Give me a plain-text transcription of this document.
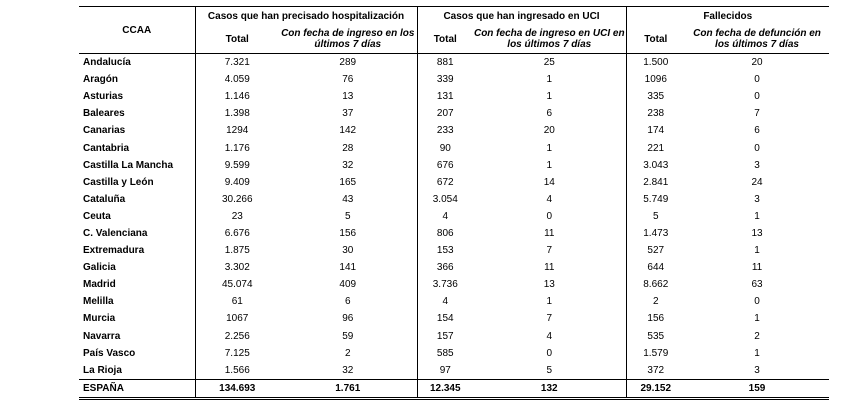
CCAA	Casos que han precisado hospitalización		Casos que han ingresado en UCI		Fallecidos	
	Total	Con fecha de ingreso en los últimos 7 días	Total	Con fecha de ingreso en UCI en los últimos 7 días	Total	Con fecha de defunción en los últimos 7 días
Andalucía	7.321	289	881	25	1.500	20
Aragón	4.059	76	339	1	1096	0
Asturias	1.146	13	131	1	335	0
Baleares	1.398	37	207	6	238	7
Canarias	1294	142	233	20	174	6
Cantabria	1.176	28	90	1	221	0
Castilla La Mancha	9.599	32	676	1	3.043	3
Castilla y León	9.409	165	672	14	2.841	24
Cataluña	30.266	43	3.054	4	5.749	3
Ceuta	23	5	4	0	5	1
C. Valenciana	6.676	156	806	11	1.473	13
Extremadura	1.875	30	153	7	527	1
Galicia	3.302	141	366	11	644	11
Madrid	45.074	409	3.736	13	8.662	63
Melilla	61	6	4	1	2	0
Murcia	1067	96	154	7	156	1
Navarra	2.256	59	157	4	535	2
País Vasco	7.125	2	585	0	1.579	1
La Rioja	1.566	32	97	5	372	3
ESPAÑA	134.693	1.761	12.345	132	29.152	159
